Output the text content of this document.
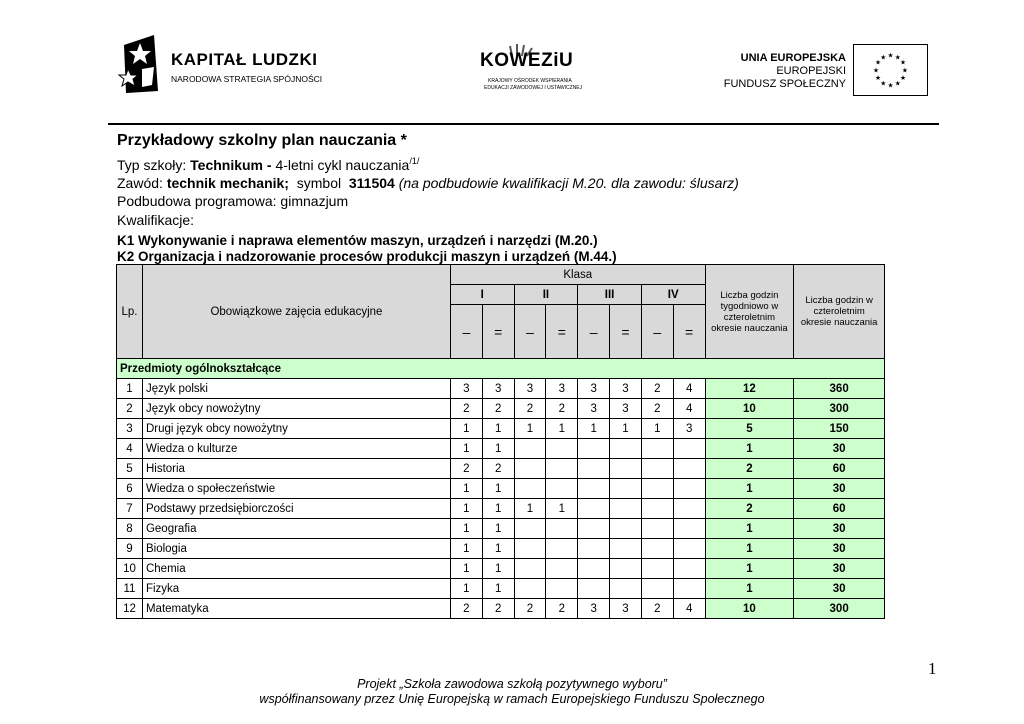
KAPITAŁ LUDZKI
NARODOWA STRATEGIA SPÓJNOŚCI
KOWEZiU
KRAJOWY OŚRODEK WSPIERANIA
EDUKACJI ZAWODOWEJ I USTAWICZNEJ
UNIA EUROPEJSKA
EUROPEJSKI
FUNDUSZ SPOŁECZNY
★ ★
★
★
★
★
★
★
★
★
★
★
Przykładowy szkolny plan nauczania *
Typ szkoły: Technikum - 4-letni cykl nauczania$^{/1/}$
Zawód: technik mechanik;  symbol  311504 (na podbudowie kwalifikacji M.20. dla zawodu: ślusarz)
Podbudowa programowa: gimnazjum
Kwalifikacje:
K1 Wykonywanie i naprawa elementów maszyn, urządzeń i narzędzi (M.20.)
K2 Organizacja i nadzorowanie procesów produkcji maszyn i urządzeń (M.44.)
Lp.	Obowiązkowe zajęcia edukacyjne	Klasa								Liczba godzin tygodniowo w czteroletnim okresie nauczania	Liczba godzin w czteroletnim okresie nauczania
		I		II		III		IV			
		–	=	–	=	–	=	–	=		
Przedmioty ogólnokształcące											
1	Język polski	3	3	3	3	3	3	2	4	12	360
2	Język obcy nowożytny	2	2	2	2	3	3	2	4	10	300
3	Drugi język obcy nowożytny	1	1	1	1	1	1	1	3	5	150
4	Wiedza o kulturze	1	1							1	30
5	Historia	2	2							2	60
6	Wiedza o społeczeństwie	1	1							1	30
7	Podstawy przedsiębiorczości	1	1	1	1					2	60
8	Geografia	1	1							1	30
9	Biologia	1	1							1	30
10	Chemia	1	1							1	30
11	Fizyka	1	1							1	30
12	Matematyka	2	2	2	2	3	3	2	4	10	300
1
Projekt „Szkoła zawodowa szkołą pozytywnego wyboru”
współfinansowany przez Unię Europejską w ramach Europejskiego Funduszu Społecznego
